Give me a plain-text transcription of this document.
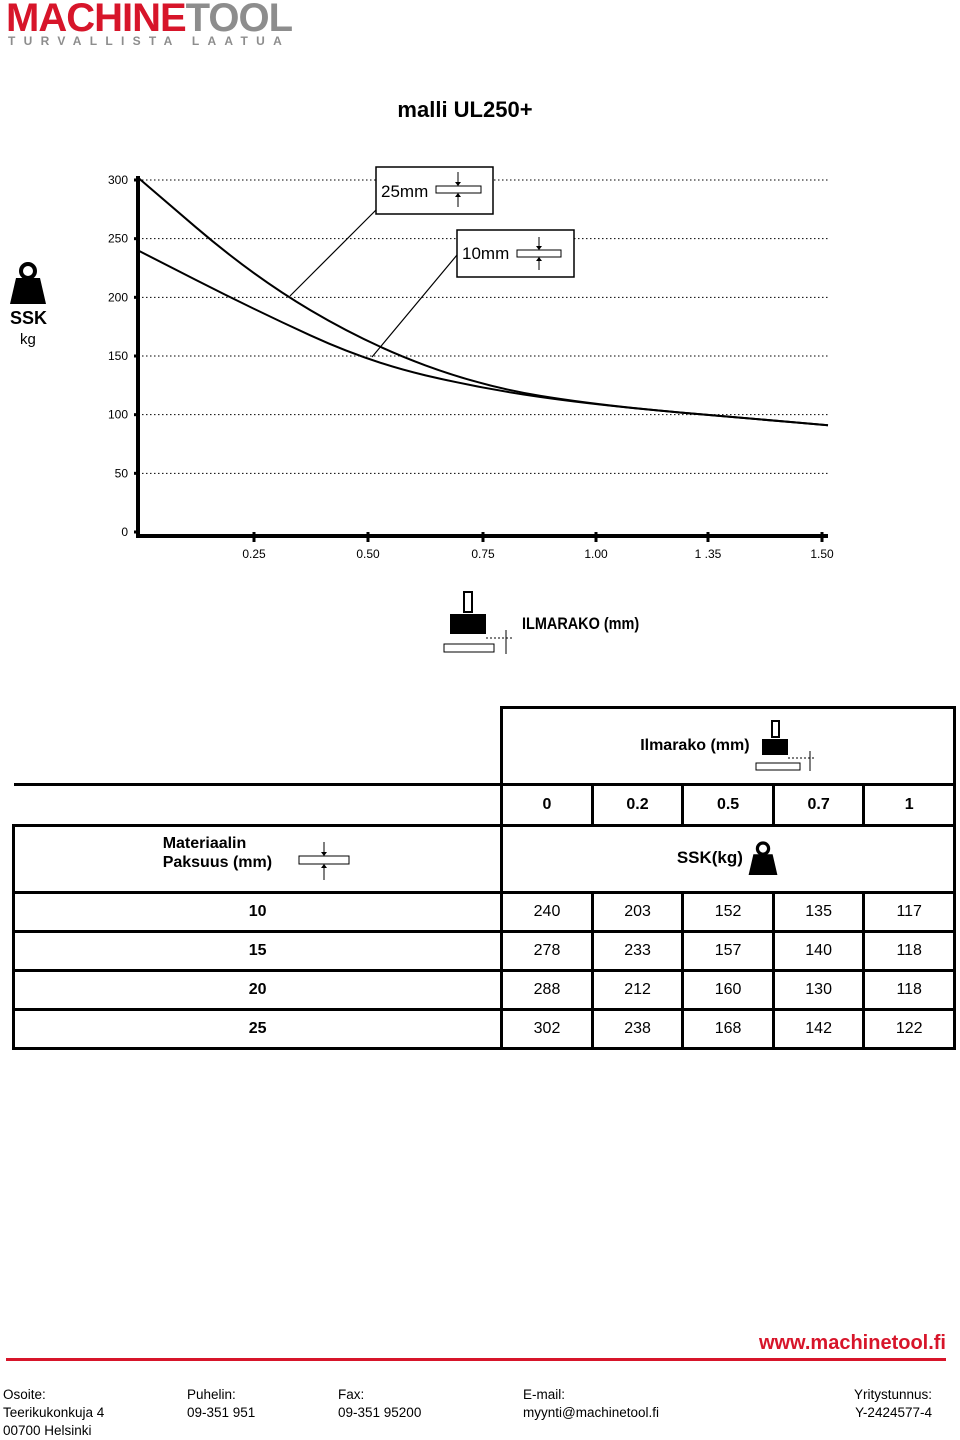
MACHINETOOL
TURVALLISTA LAATUA
malli UL250+
SSK
kg
300
250
200
150
100
50
0
0.25	0.50	0.75	1.00	1 .35	1.50
25mm
10mm
ILMARAKO (mm)
	Ilmarako (mm)				
	0	0.2	0.5	0.7	1
Materiaalin
Paksuus (mm)	SSK(kg)				
10	240	203	152	135	117
15	278	233	157	140	118
20	288	212	160	130	118
25	302	238	168	142	122
www.machinetool.fi
Osoite:
Teerikukonkuja 4
00700 Helsinki
Puhelin:
09-351 951
Fax:
09-351 95200
E-mail:
myynti@machinetool.fi
Yritystunnus:
Y-2424577-4
